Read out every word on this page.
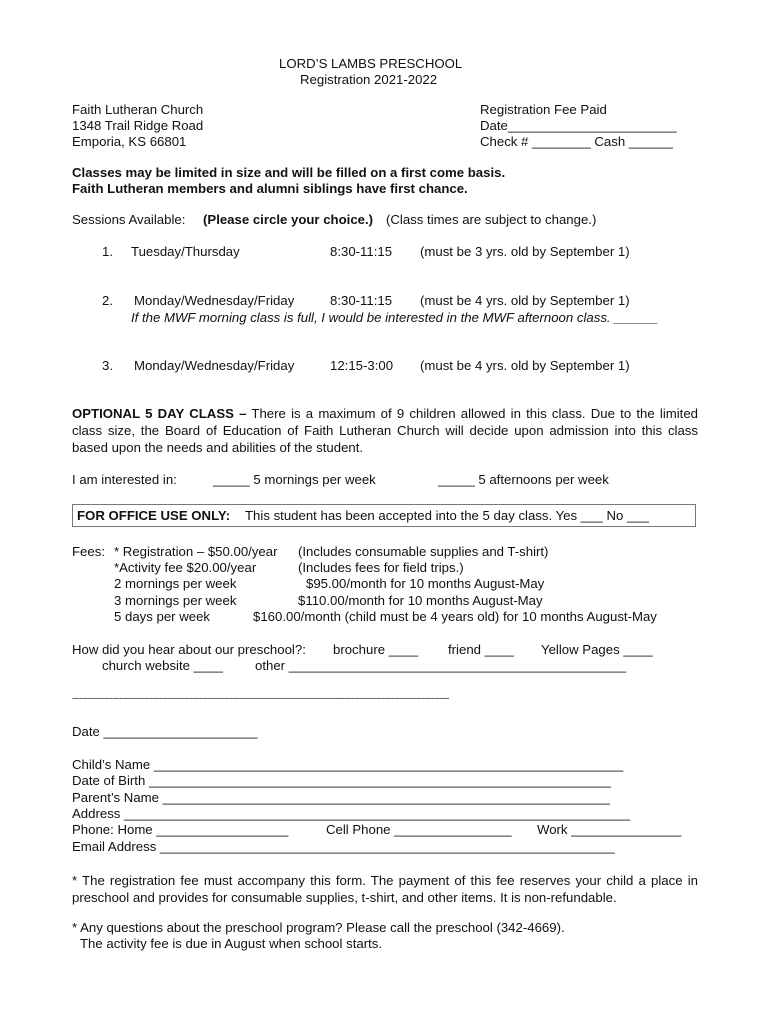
LORD’S LAMBS PRESCHOOL
Registration 2021-2022
Faith Lutheran Church
1348 Trail Ridge Road
Emporia, KS 66801
Registration Fee Paid
Date_______________________
Check # ________ Cash ______
Classes may be limited in size and will be filled on a first come basis.
Faith Lutheran members and alumni siblings have first chance.
Sessions Available: (Please circle your choice.) (Class times are subject to change.)
1. Tuesday/Thursday	8:30-11:15 (must be 3 yrs. old by September 1)
2. Monday/Wednesday/Friday	8:30-11:15 (must be 4 yrs. old by September 1)
If the MWF morning class is full, I would be interested in the MWF afternoon class. ______
3. Monday/Wednesday/Friday	12:15-3:00 (must be 4 yrs. old by September 1)
OPTIONAL 5 DAY CLASS – There is a maximum of 9 children allowed in this class. Due to the limited class size, the Board of Education of Faith Lutheran Church will decide upon admission into this class based upon the needs and abilities of the student.
I am interested in:	_____ 5 mornings per week	_____ 5 afternoons per week
FOR OFFICE USE ONLY: This student has been accepted into the 5 day class. Yes ___ No ___
Fees: * Registration – $50.00/year (Includes consumable supplies and T-shirt)
*Activity fee $20.00/year	(Includes fees for field trips.)
2 mornings per week	$95.00/month for 10 months August-May
3 mornings per week	$110.00/month for 10 months August-May
5 days per week	$160.00/month (child must be 4 years old) for 10 months August-May
How did you hear about our preschool?: brochure ____ friend ____ Yellow Pages ____
church website ____ other ______________________________________________
-------------------------------------------------------------------------------------------------------------------------------------------------------
Date _____________________
Child’s Name ________________________________________________________________
Date of Birth _______________________________________________________________
Parent’s Name _____________________________________________________________
Address _____________________________________________________________________
Phone: Home __________________	Cell Phone ________________ Work _______________
Email Address ______________________________________________________________
* The registration fee must accompany this form. The payment of this fee reserves your child a place in preschool and provides for consumable supplies, t-shirt, and other items. It is non-refundable.
* Any questions about the preschool program? Please call the preschool (342-4669).
The activity fee is due in August when school starts.
